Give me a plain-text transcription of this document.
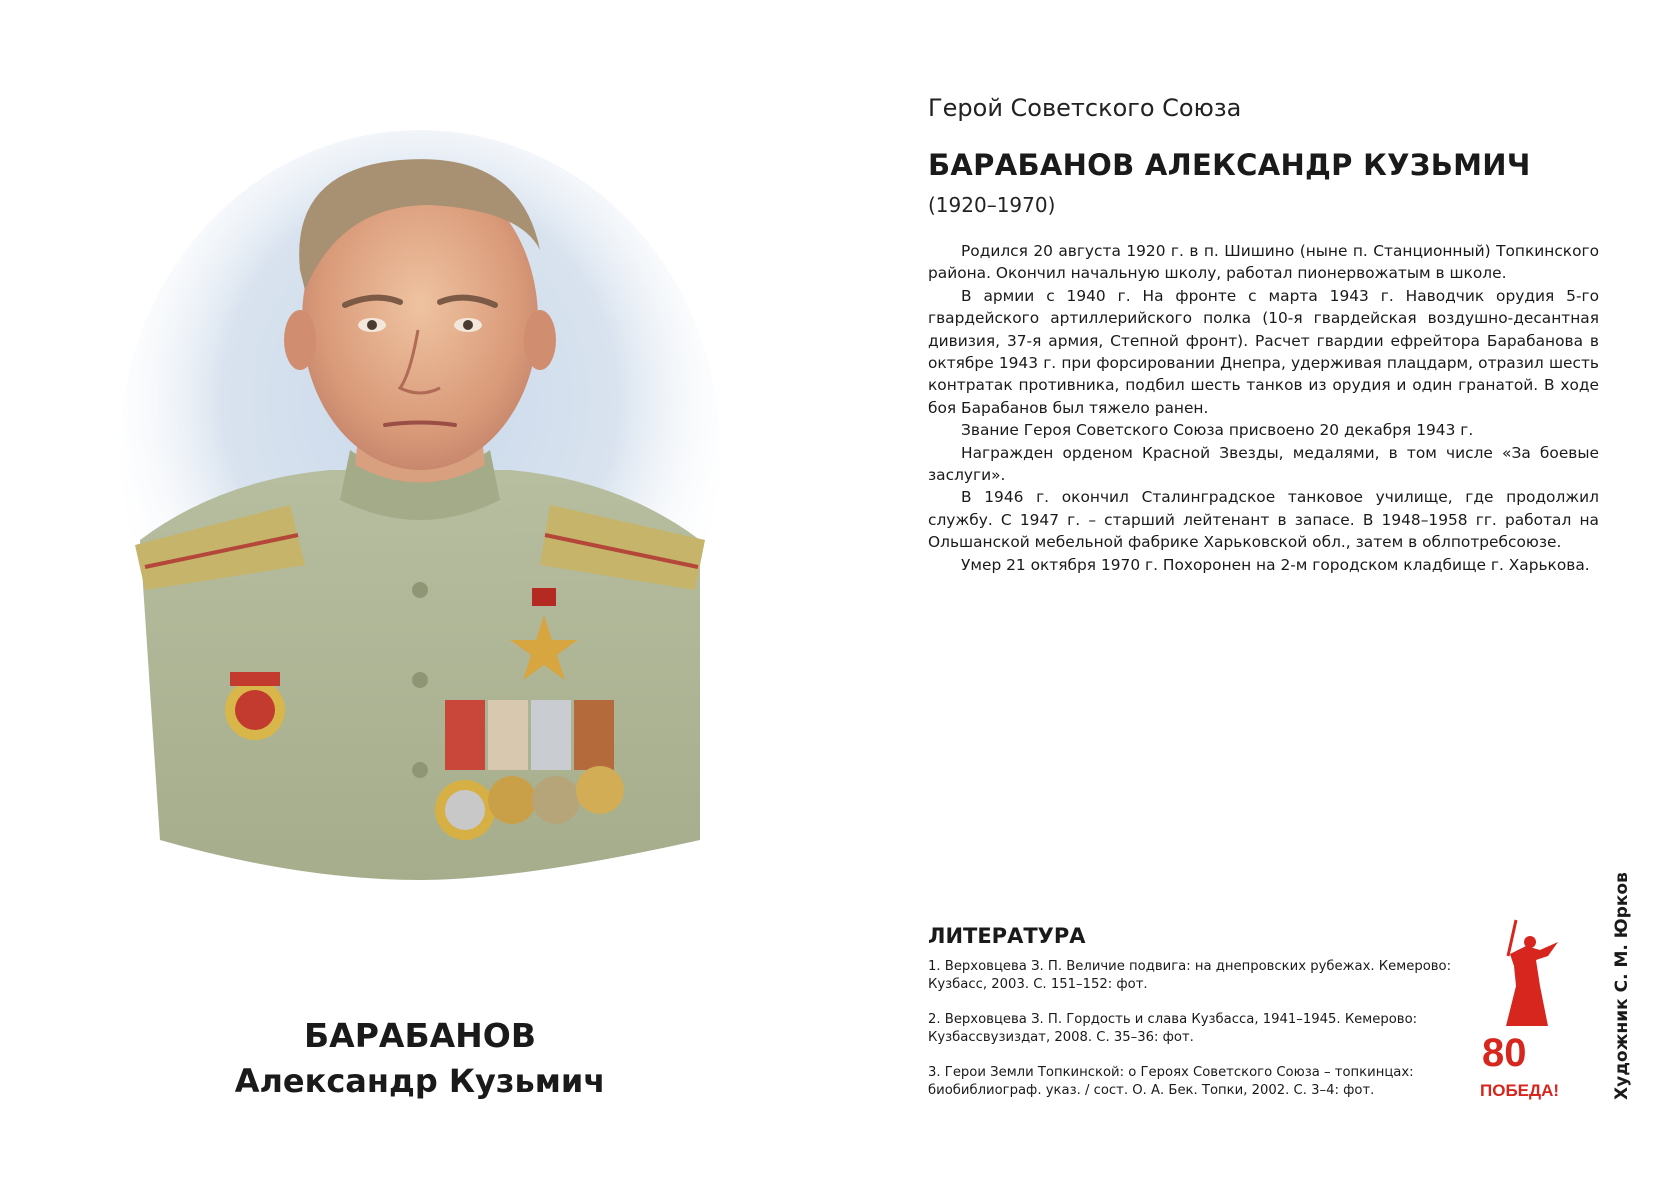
БАРАБАНОВ
Александр Кузьмич
Герой Советского Союза
БАРАБАНОВ АЛЕКСАНДР КУЗЬМИЧ
(1920–1970)

Родился 20 августа 1920 г. в п. Шишино (ныне п. Станционный) Топкинского района. Окончил начальную школу, работал пионервожатым в школе.

В армии с 1940 г. На фронте с марта 1943 г. Наводчик орудия 5-го гвардейского артиллерийского полка (10-я гвардейская воздушно-десантная дивизия, 37-я армия, Степной фронт). Расчет гвардии ефрейтора Барабанова в октябре 1943 г. при форсировании Днепра, удерживая плацдарм, отразил шесть контратак противника, подбил шесть танков из орудия и один гранатой. В ходе боя Барабанов был тяжело ранен.

Звание Героя Советского Союза присвоено 20 декабря 1943 г.

Награжден орденом Красной Звезды, медалями, в том числе «За боевые заслуги».

В 1946 г. окончил Сталинградское танковое училище, где продолжил службу. С 1947 г. – старший лейтенант в запасе. В 1948–1958 гг. работал на Ольшанской мебельной фабрике Харьковской обл., затем в облпотребсоюзе.

Умер 21 октября 1970 г. Похоронен на 2-м городском кладбище г. Харькова.

ЛИТЕРАТУРА
1. Верховцева З. П. Величие подвига: на днепровских рубежах. Кемерово: Кузбасс, 2003. С. 151–152: фот.
2. Верховцева З. П. Гордость и слава Кузбасса, 1941–1945. Кемерово: Кузбассвузиздат, 2008. С. 35–36: фот.
3. Герои Земли Топкинской: о Героях Советского Союза – топкинцах: биобиблиограф. указ. / сост. О. А. Бек. Топки, 2002. С. 3–4: фот.
80
ПОБЕДА!	Художник С. М. Юрков
